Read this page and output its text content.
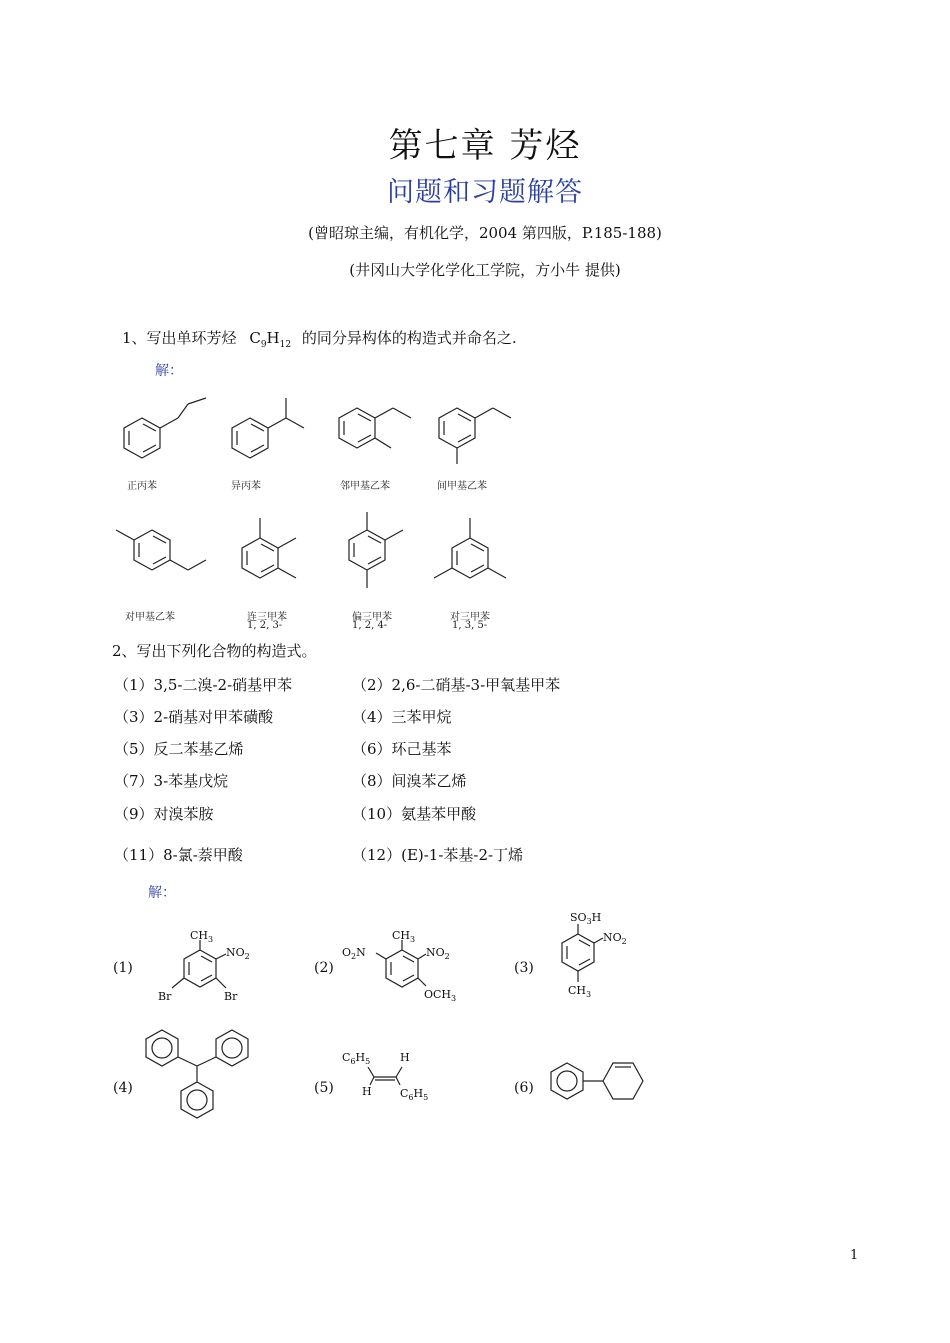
第七章 芳烃
问题和习题解答
(曾昭琼主编，有机化学，2004 第四版，P.185-188)
(井冈山大学化学化工学院，方小牛 提供)
1、写出单环芳烃 $C_9H_{12}$ 的同分异构体的构造式并命名之.
解：
正丙苯	异丙苯	邻甲基乙苯	间甲基乙苯
对甲基乙苯	连三甲苯
1, 2, 3-
偏三甲苯
1, 2, 4-
对三甲苯
1, 3, 5-
2、写出下列化合物的构造式。
（1）3,5-二溴-2-硝基甲苯	（2）2,6-二硝基-3-甲氧基甲苯
（3）2-硝基对甲苯磺酸	（4）三苯甲烷
（5）反二苯基乙烯	（6）环己基苯
（7）3-苯基戊烷	（8）间溴苯乙烯
（9）对溴苯胺	（10）氨基苯甲酸
（11）8-氯-萘甲酸	（12）(E)-1-苯基-2-丁烯
解：
(1)	(2)	(3)
(4)	(5)	(6)
$CH_3$
$NO_2$
Br	Br
$CH_3$
$NO_2$
$O_2N$
$OCH_3$
$SO_3H$
$NO_2$
$CH_3$
$C_6H_5$	H
H	$C_6H_5$
1
